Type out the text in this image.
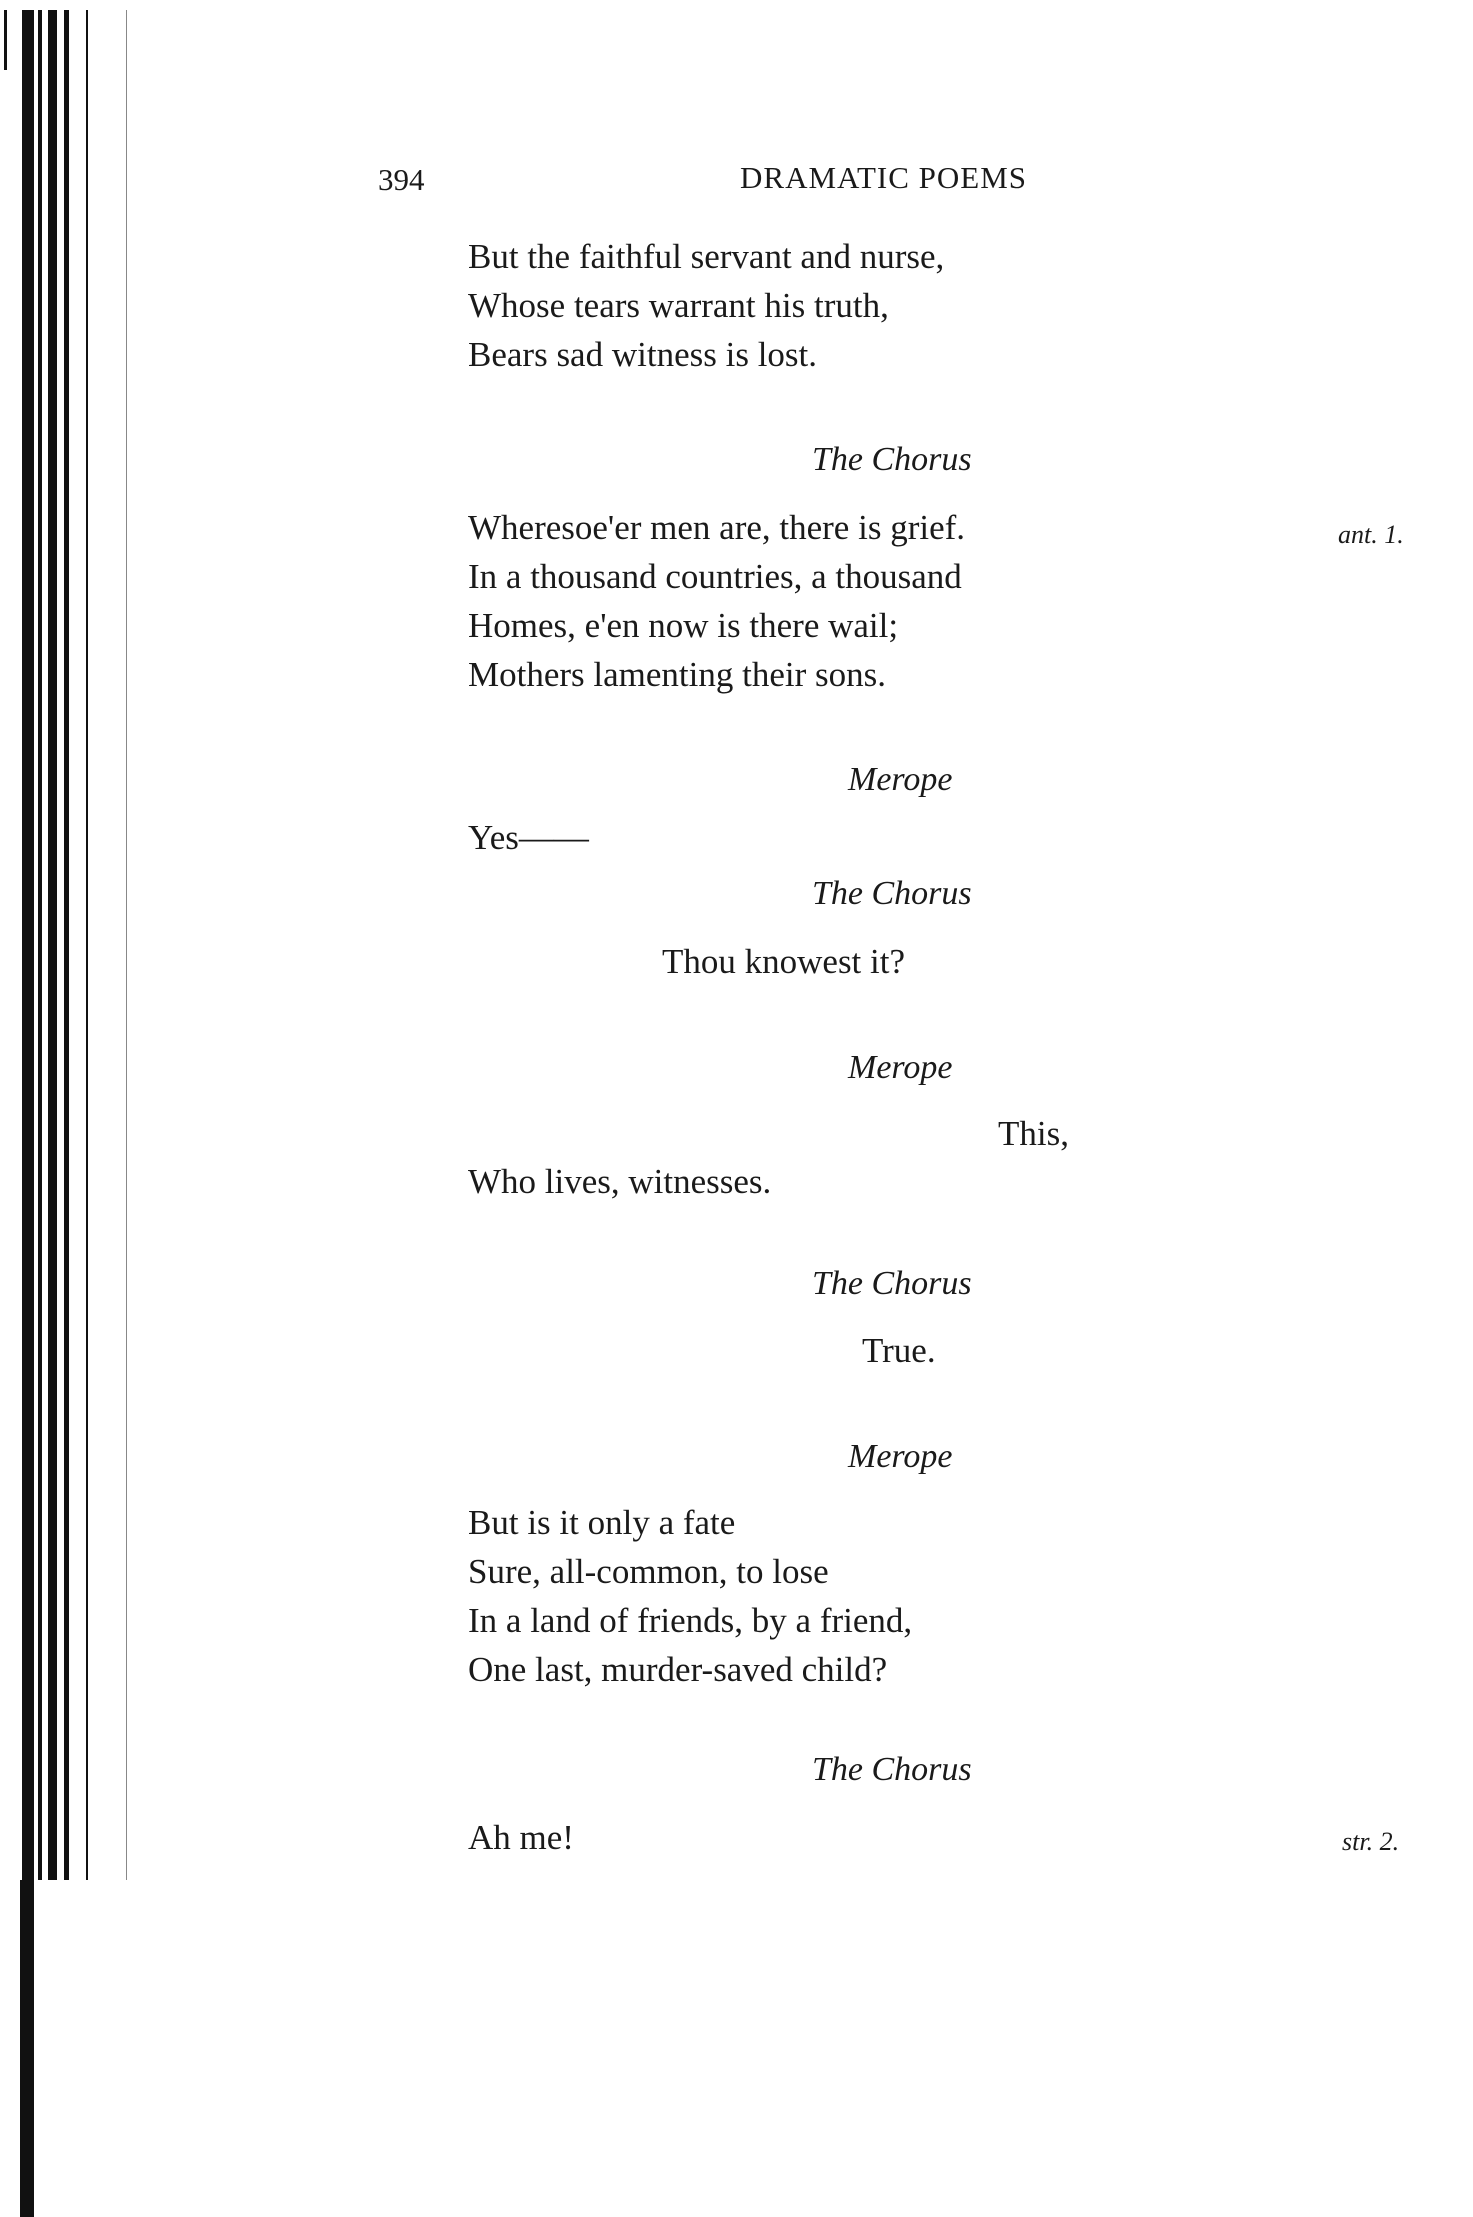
394	DRAMATIC POEMS
But the faithful servant and nurse,
Whose tears warrant his truth,
Bears sad witness is lost.
The Chorus
ant. 1.
Wheresoe'er men are, there is grief.
In a thousand countries, a thousand
Homes, e'en now is there wail;
Mothers lamenting their sons.
Merope
Yes——
The Chorus
Thou knowest it?
Merope
This,
Who lives, witnesses.
The Chorus
True.
Merope
But is it only a fate
Sure, all-common, to lose
In a land of friends, by a friend,
One last, murder-saved child?
The Chorus
Ah me!	str. 2.
